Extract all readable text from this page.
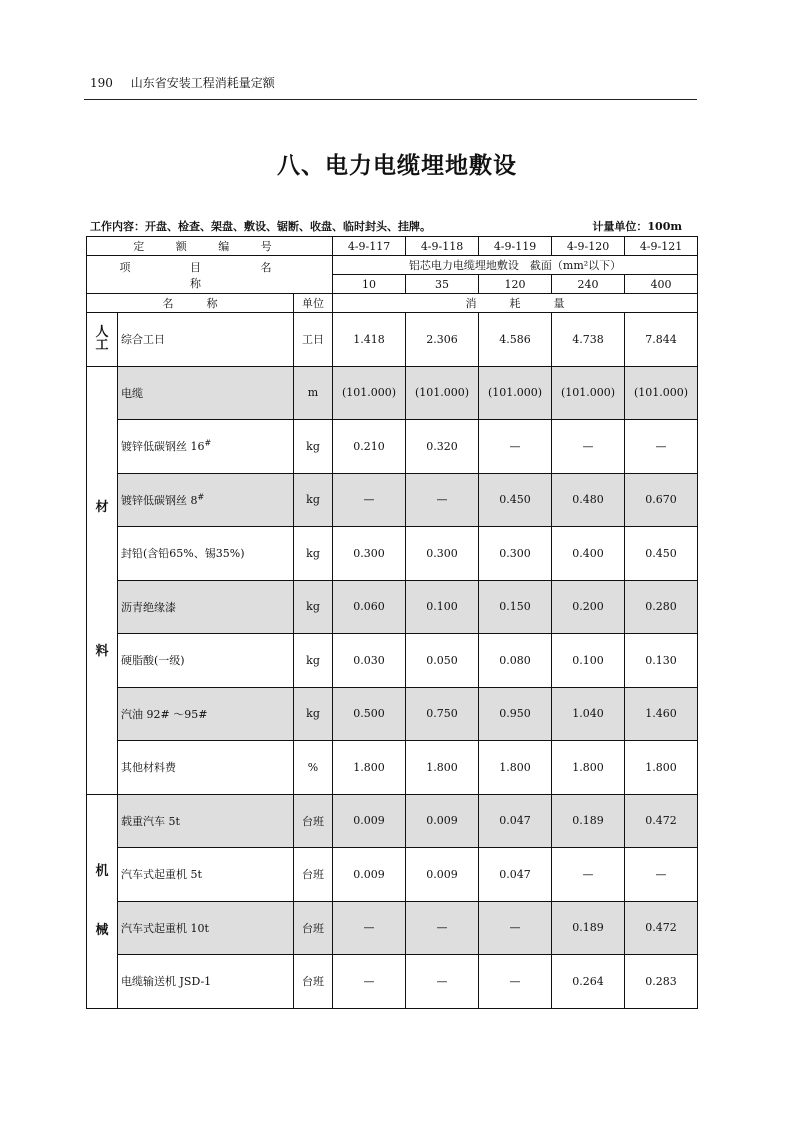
190 山东省安装工程消耗量定额
八、电力电缆埋地敷设
工作内容：开盘、检查、架盘、敷设、锯断、收盘、临时封头、挂牌。	计量单位：100m
定 额 编 号			4-9-117	4-9-118	4-9-119	4-9-120	4-9-121
项 目 名 称			铝芯电力电缆埋地敷设　截面（mm²以下）				
			10	35	120	240	400
名　　　称		单位	消　　　耗　　　量				

人
工	综合工日	工日	1.418	2.306	4.586	4.738	7.844

材
料	电缆	m	(101.000)	(101.000)	(101.000)	(101.000)	(101.000)
	镀锌低碳钢丝 16#	kg	0.210	0.320	—	—	—
	镀锌低碳钢丝 8#	kg	—	—	0.450	0.480	0.670
	封铅(含铅65%、锡35%)	kg	0.300	0.300	0.300	0.400	0.450
	沥青绝缘漆	kg	0.060	0.100	0.150	0.200	0.280
	硬脂酸(一级)	kg	0.030	0.050	0.080	0.100	0.130
	汽油 92# ～95#	kg	0.500	0.750	0.950	1.040	1.460
	其他材料费	%	1.800	1.800	1.800	1.800	1.800

机
械	载重汽车 5t	台班	0.009	0.009	0.047	0.189	0.472
	汽车式起重机 5t	台班	0.009	0.009	0.047	—	—
	汽车式起重机 10t	台班	—	—	—	0.189	0.472
	电缆输送机 JSD-1	台班	—	—	—	0.264	0.283
